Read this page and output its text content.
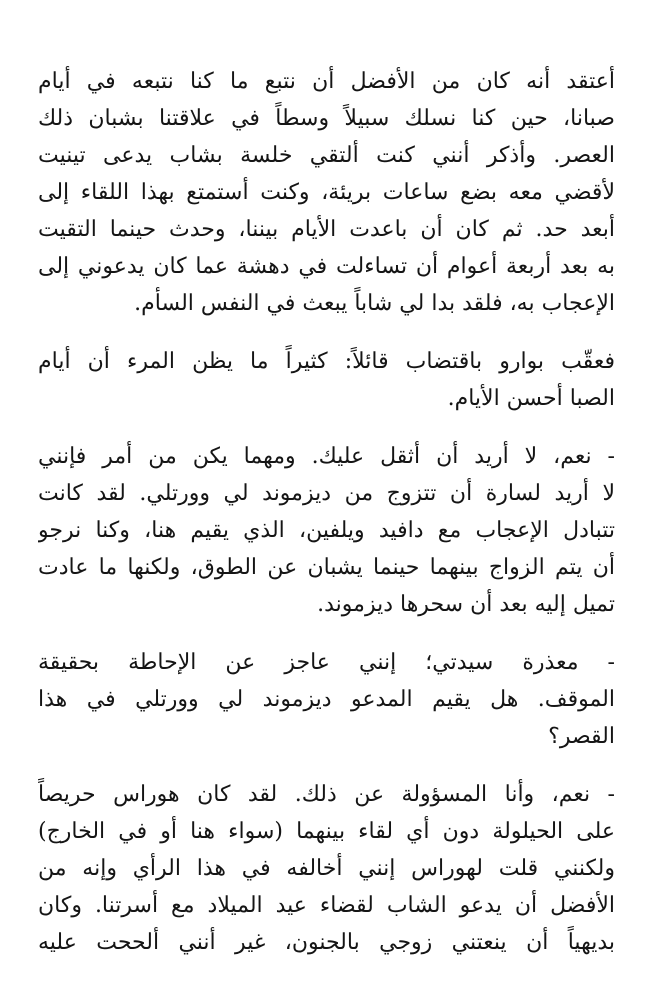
أعتقد أنه كان من الأفضل أن نتبع ما كنا نتبعه في أيام
صبانا، حين كنا نسلك سبيلاً وسطاً في علاقتنا بشبان ذلك
العصر. وأذكر أنني كنت ألتقي خلسة بشاب يدعى تينيت
لأقضي معه بضع ساعات بريئة، وكنت أستمتع بهذا اللقاء إلى
أبعد حد. ثم كان أن باعدت الأيام بيننا، وحدث حينما التقيت
به بعد أربعة أعوام أن تساءلت في دهشة عما كان يدعوني إلى
الإعجاب به، فلقد بدا لي شاباً يبعث في النفس السأم.

فعقّب بوارو باقتضاب قائلاً: كثيراً ما يظن المرء أن أيام
الصبا أحسن الأيام.

- نعم، لا أريد أن أثقل عليك. ومهما يكن من أمر فإنني
لا أريد لسارة أن تتزوج من ديزموند لي وورتلي. لقد كانت
تتبادل الإعجاب مع دافيد ويلفين، الذي يقيم هنا، وكنا نرجو
أن يتم الزواج بينهما حينما يشبان عن الطوق، ولكنها ما عادت
تميل إليه بعد أن سحرها ديزموند.

- معذرة سيدتي؛ إنني عاجز عن الإحاطة بحقيقة
الموقف. هل يقيم المدعو ديزموند لي وورتلي في هذا
القصر؟

- نعم، وأنا المسؤولة عن ذلك. لقد كان هوراس حريصاً
على الحيلولة دون أي لقاء بينهما (سواء هنا أو في الخارج)
ولكنني قلت لهوراس إنني أخالفه في هذا الرأي وإنه من
الأفضل أن يدعو الشاب لقضاء عيد الميلاد مع أسرتنا. وكان
بديهياً أن ينعتني زوجي بالجنون، غير أنني ألححت عليه
